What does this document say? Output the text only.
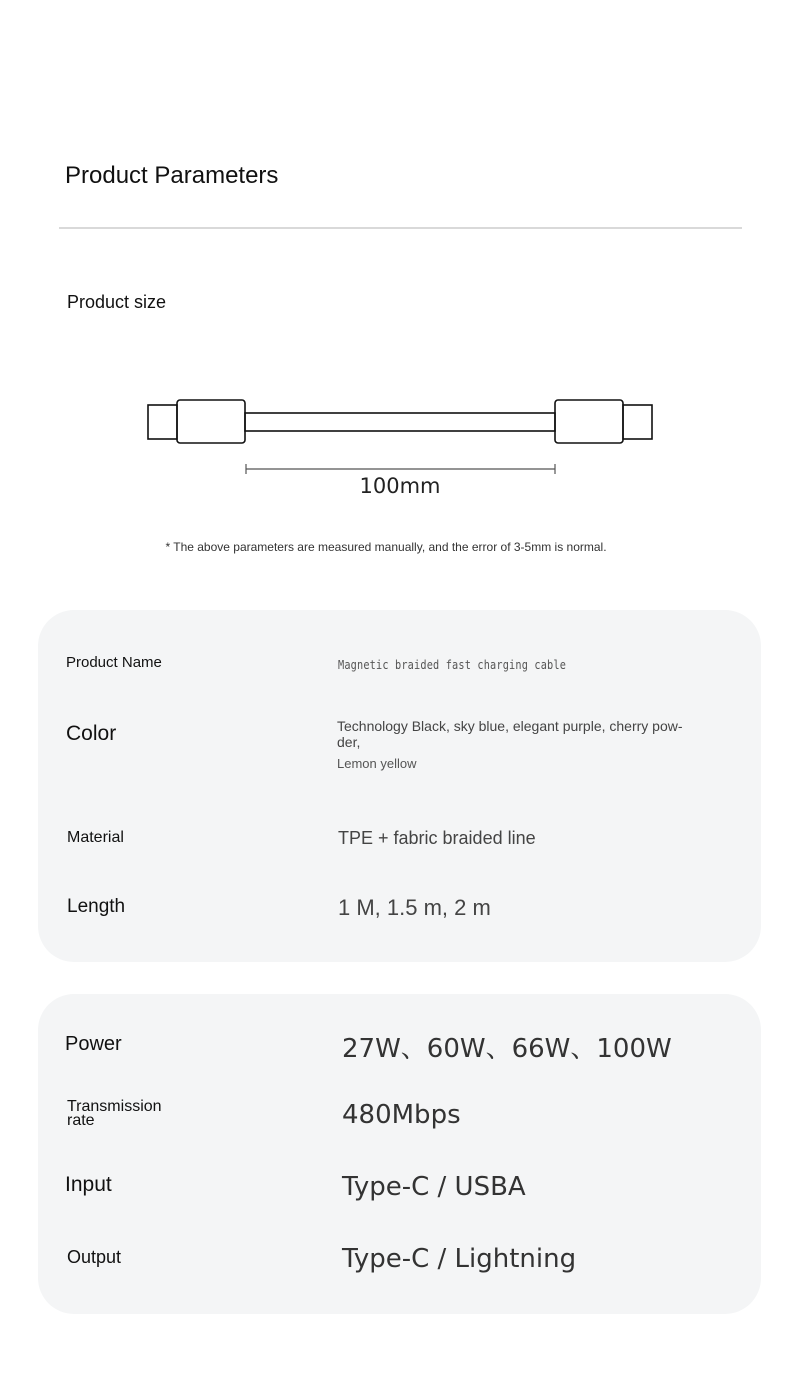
Product Parameters
Product size
100mm
* The above parameters are measured manually, and the error of 3-5mm is normal.
Product Name	Magnetic braided fast charging cable
Color	Technology Black, sky blue, elegant purple, cherry pow-
der,
Lemon yellow
Material	TPE + fabric braided line
Length	1 M, 1.5 m, 2 m
Power	27W、60W、66W、100W
Transmission
rate	480Mbps
Input	Type-C / USBA
Output	Type-C / Lightning
